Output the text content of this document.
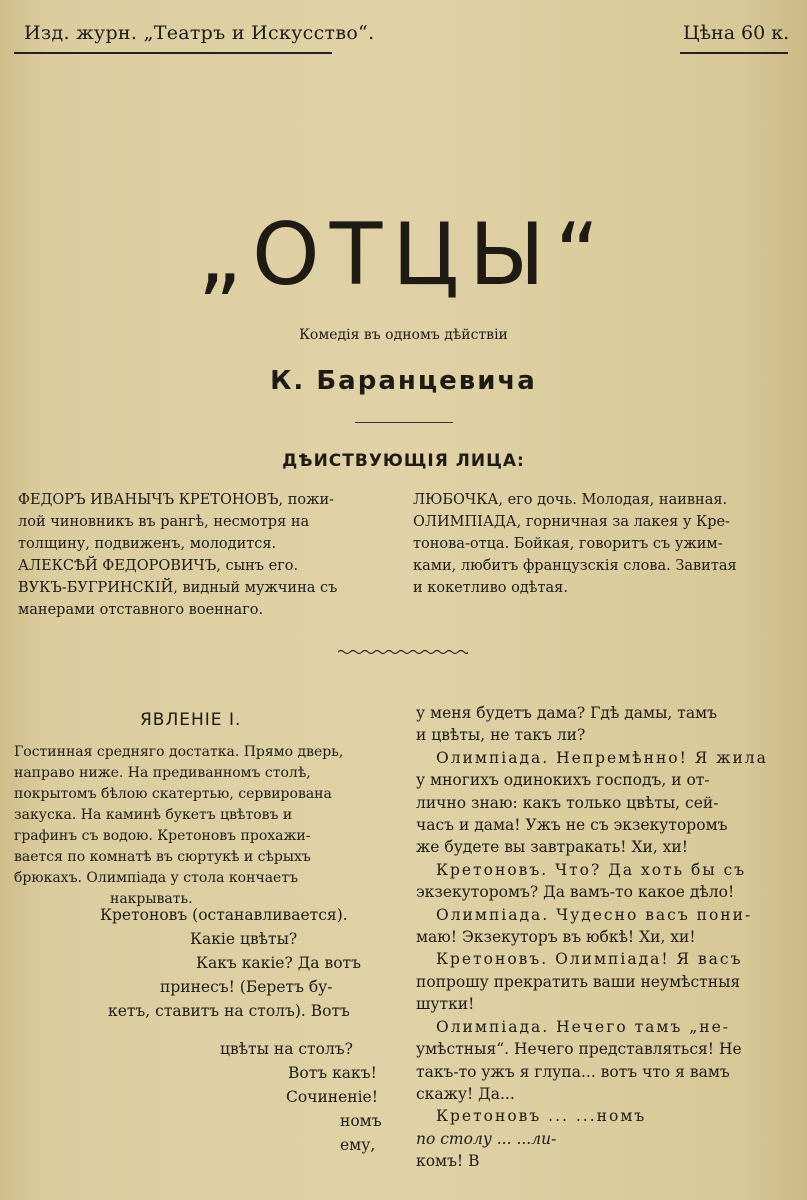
Изд. журн. „Театръ и Искусство“.	Цѣна 60 к.
„ОТЦЫ“
Комедія въ одномъ дѣйствіи
К. Баранцевича
ДѢИСТВУЮЩІЯ ЛИЦА:
ФЕДОРЪ ИВАНЫЧЪ КРЕТОНОВЪ, пожи-
лой чиновникъ въ рангѣ, несмотря на
толщину, подвиженъ, молодится.
АЛЕКСѢЙ ФЕДОРОВИЧЪ, сынъ его.
ВУКЪ-БУГРИНСКІЙ, видный мужчина съ
манерами отставного военнаго.
ЛЮБОЧКА, его дочь. Молодая, наивная.
ОЛИМПІАДА, горничная за лакея у Кре-
тонова-отца. Бойкая, говоритъ съ ужим-
ками, любитъ французскія слова. Завитая
и кокетливо одѣтая.
ЯВЛЕНІЕ I.
Гостинная средняго достатка. Прямо дверь,
направо ниже. На предиванномъ столѣ,
покрытомъ бѣлою скатертью, сервирована
закуска. На каминѣ букетъ цвѣтовъ и
графинъ съ водою. Кретоновъ прохажи-
вается по комнатѣ въ сюртукѣ и сѣрыхъ
брюкахъ. Олимпіада у стола кончаетъ
накрывать.
Кретоновъ (останавливается).
Какіе цвѣты?
Какъ какіе? Да вотъ
принесъ! (Беретъ бу-
кетъ, ставитъ на столъ). Вотъ
цвѣты на столъ?
Вотъ какъ!
Сочиненіе!
номъ
ему,
у меня будетъ дама? Гдѣ дамы, тамъ
и цвѣты, не такъ ли?
Олимпіада. Непремѣнно! Я жила
у многихъ одинокихъ господъ, и от-
лично знаю: какъ только цвѣты, сей-
часъ и дама! Ужъ не съ экзекуторомъ
же будете вы завтракать! Хи, хи!
Кретоновъ. Что? Да хоть бы съ
экзекуторомъ? Да вамъ-то какое дѣло!
Олимпіада. Чудесно васъ пони-
маю! Экзекуторъ въ юбкѣ! Хи, хи!
Кретоновъ. Олимпіада! Я васъ
попрошу прекратить ваши неумѣстныя
шутки!
Олимпіада. Нечего тамъ „не-
умѣстныя“. Нечего представляться! Не
такъ-то ужъ я глупа... вотъ что я вамъ
скажу! Да...
Кретоновъ ... ...номъ
по столу ... ...ли-
комъ! В
